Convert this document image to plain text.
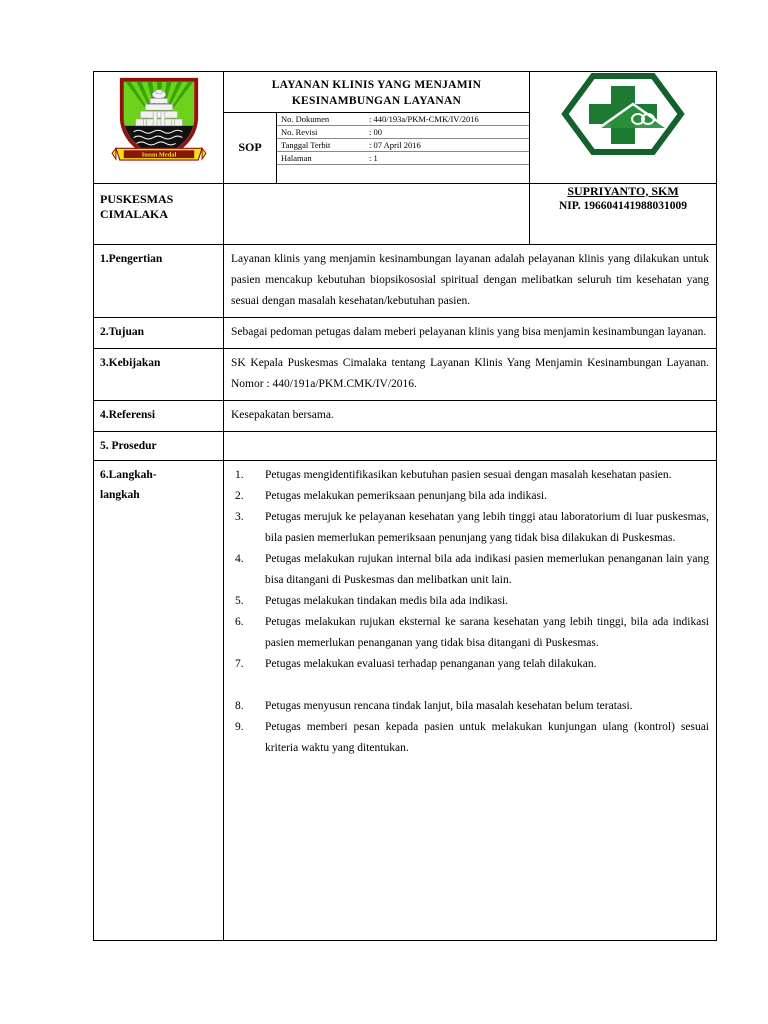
Insun Medal

LAYANAN KLINIS YANG MENJAMIN
KESINAMBUNGAN LAYANAN
SOP
No. Dokumen	: 440/193a/PKM-CMK/IV/2016
No. Revisi	: 00
Tanggal Terbit	: 07 April 2016
Halaman	: 1

PUSKESMAS
CIMALAKA

SUPRIYANTO, SKM
NIP. 196604141988031009

1.Pengertian	Layanan klinis yang menjamin kesinambungan layanan adalah pelayanan klinis yang dilakukan untuk pasien mencakup kebutuhan biopsikososial spiritual dengan melibatkan seluruh tim kesehatan yang sesuai dengan masalah kesehatan/kebutuhan pasien.
2.Tujuan	Sebagai pedoman petugas dalam meberi pelayanan klinis yang bisa menjamin kesinambungan layanan.
3.Kebijakan	SK Kepala Puskesmas Cimalaka tentang Layanan Klinis Yang Menjamin Kesinambungan Layanan. Nomor : 440/191a/PKM.CMK/IV/2016.
4.Referensi	Kesepakatan bersama.
5. Prosedur	

6.Langkah-
langkah

1.	Petugas mengidentifikasikan kebutuhan pasien sesuai dengan masalah kesehatan pasien.
2.	Petugas melakukan pemeriksaan penunjang bila ada indikasi.
3.	Petugas merujuk ke pelayanan kesehatan yang lebih tinggi atau laboratorium di luar puskesmas, bila pasien memerlukan pemeriksaan penunjang yang tidak bisa dilakukan di Puskesmas.
4.	Petugas melakukan rujukan internal bila ada indikasi pasien memerlukan penanganan lain yang bisa ditangani di Puskesmas dan melibatkan unit lain.
5.	Petugas melakukan tindakan medis bila ada indikasi.
6.	Petugas melakukan rujukan eksternal ke sarana kesehatan yang lebih tinggi, bila ada indikasi pasien memerlukan penanganan yang tidak bisa ditangani di Puskesmas.
7.	Petugas melakukan evaluasi terhadap penanganan yang telah dilakukan.
8.	Petugas menyusun rencana tindak lanjut, bila masalah kesehatan belum teratasi.
9.	Petugas memberi pesan kepada pasien untuk melakukan kunjungan ulang (kontrol) sesuai kriteria waktu yang ditentukan.
